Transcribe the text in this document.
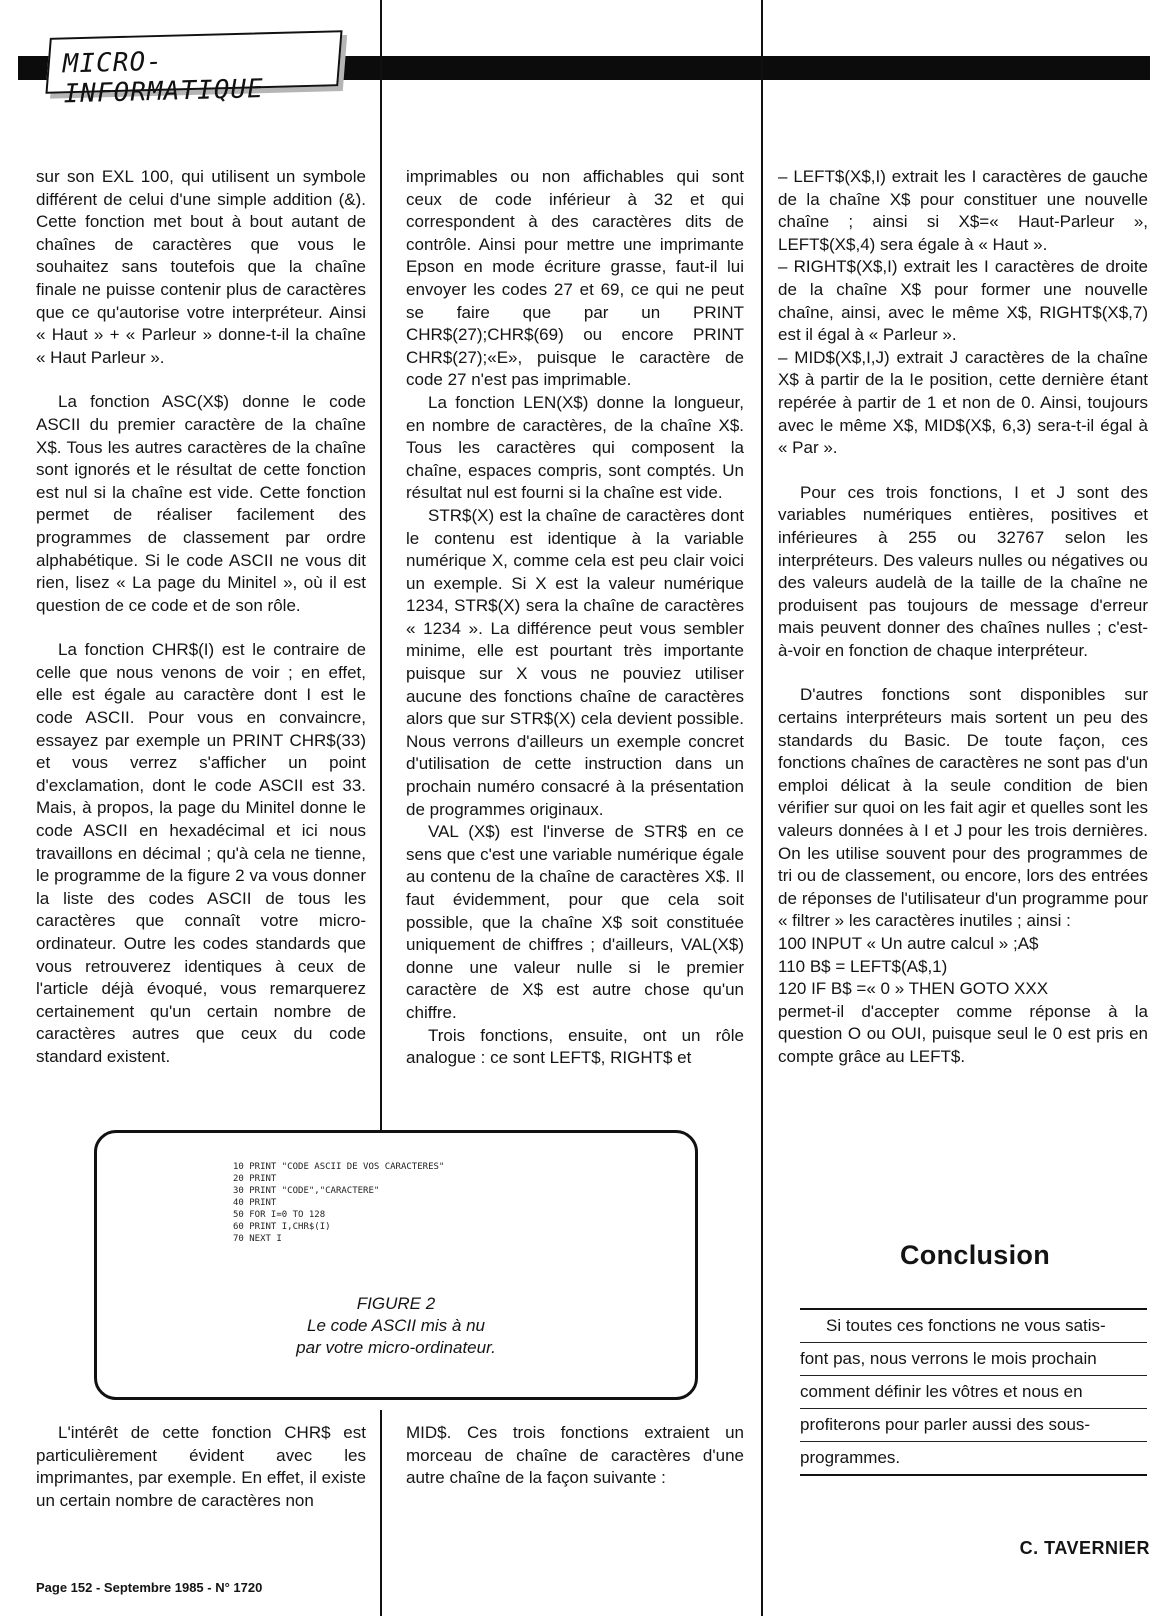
MICRO-INFORMATIQUE

sur son EXL 100, qui utilisent un symbole différent de celui d'une simple addition (&). Cette fonction met bout à bout autant de chaînes de caractères que vous le souhaitez sans toutefois que la chaîne finale ne puisse contenir plus de caractères que ce qu'autorise votre interpréteur. Ainsi « Haut » + « Parleur » donne-t-il la chaîne « Haut Parleur ».

La fonction ASC(X$) donne le code ASCII du premier caractère de la chaîne X$. Tous les autres caractères de la chaîne sont ignorés et le résultat de cette fonction est nul si la chaîne est vide. Cette fonction permet de réaliser facilement des programmes de classement par ordre alphabétique. Si le code ASCII ne vous dit rien, lisez « La page du Minitel », où il est question de ce code et de son rôle.

La fonction CHR$(I) est le contraire de celle que nous venons de voir ; en effet, elle est égale au caractère dont I est le code ASCII. Pour vous en convaincre, essayez par exemple un PRINT CHR$(33) et vous verrez s'afficher un point d'exclamation, dont le code ASCII est 33. Mais, à propos, la page du Minitel donne le code ASCII en hexadécimal et ici nous travaillons en décimal ; qu'à cela ne tienne, le programme de la figure 2 va vous donner la liste des codes ASCII de tous les caractères que connaît votre micro-ordinateur. Outre les codes standards que vous retrouverez identiques à ceux de l'article déjà évoqué, vous remarquerez certainement qu'un certain nombre de caractères autres que ceux du code standard existent.

L'intérêt de cette fonction CHR$ est particulièrement évident avec les imprimantes, par exemple. En effet, il existe un certain nombre de caractères non

imprimables ou non affichables qui sont ceux de code inférieur à 32 et qui correspondent à des caractères dits de contrôle. Ainsi pour mettre une imprimante Epson en mode écriture grasse, faut-il lui envoyer les codes 27 et 69, ce qui ne peut se faire que par un PRINT CHR$(27);CHR$(69) ou encore PRINT CHR$(27);«E», puisque le caractère de code 27 n'est pas imprimable.

La fonction LEN(X$) donne la longueur, en nombre de caractères, de la chaîne X$. Tous les caractères qui composent la chaîne, espaces compris, sont comptés. Un résultat nul est fourni si la chaîne est vide.

STR$(X) est la chaîne de caractères dont le contenu est identique à la variable numérique X, comme cela est peu clair voici un exemple. Si X est la valeur numérique 1234, STR$(X) sera la chaîne de caractères « 1234 ». La différence peut vous sembler minime, elle est pourtant très importante puisque sur X vous ne pouviez utiliser aucune des fonctions chaîne de caractères alors que sur STR$(X) cela devient possible. Nous verrons d'ailleurs un exemple concret d'utilisation de cette instruction dans un prochain numéro consacré à la présentation de programmes originaux.

VAL (X$) est l'inverse de STR$ en ce sens que c'est une variable numérique égale au contenu de la chaîne de caractères X$. Il faut évidemment, pour que cela soit possible, que la chaîne X$ soit constituée uniquement de chiffres ; d'ailleurs, VAL(X$) donne une valeur nulle si le premier caractère de X$ est autre chose qu'un chiffre.

Trois fonctions, ensuite, ont un rôle analogue : ce sont LEFT$, RIGHT$ et

MID$. Ces trois fonctions extraient un morceau de chaîne de caractères d'une autre chaîne de la façon suivante :

– LEFT$(X$,I) extrait les I caractères de gauche de la chaîne X$ pour constituer une nouvelle chaîne ; ainsi si X$=« Haut-Parleur », LEFT$(X$,4) sera égale à « Haut ».

– RIGHT$(X$,I) extrait les I caractères de droite de la chaîne X$ pour former une nouvelle chaîne, ainsi, avec le même X$, RIGHT$(X$,7) est il égal à « Parleur ».

– MID$(X$,I,J) extrait J caractères de la chaîne X$ à partir de la Ie position, cette dernière étant repérée à partir de 1 et non de 0. Ainsi, toujours avec le même X$, MID$(X$, 6,3) sera-t-il égal à « Par ».

Pour ces trois fonctions, I et J sont des variables numériques entières, positives et inférieures à 255 ou 32767 selon les interpréteurs. Des valeurs nulles ou négatives ou des valeurs audelà de la taille de la chaîne ne produisent pas toujours de message d'erreur mais peuvent donner des chaînes nulles ; c'est-à-voir en fonction de chaque interpréteur.

D'autres fonctions sont disponibles sur certains interpréteurs mais sortent un peu des standards du Basic. De toute façon, ces fonctions chaînes de caractères ne sont pas d'un emploi délicat à la seule condition de bien vérifier sur quoi on les fait agir et quelles sont les valeurs données à I et J pour les trois dernières. On les utilise souvent pour des programmes de tri ou de classement, ou encore, lors des entrées de réponses de l'utilisateur d'un programme pour « filtrer » les caractères inutiles ; ainsi :

100 INPUT « Un autre calcul » ;A$

110 B$ = LEFT$(A$,1)

120 IF B$ =« 0 » THEN GOTO XXX

permet-il d'accepter comme réponse à la question O ou OUI, puisque seul le 0 est pris en compte grâce au LEFT$.

10 PRINT "CODE ASCII DE VOS CARACTERES"
20 PRINT
30 PRINT "CODE","CARACTERE"
40 PRINT
50 FOR I=0 TO 128
60 PRINT I,CHR$(I)
70 NEXT I
FIGURE 2
Le code ASCII mis à nu
par votre micro-ordinateur.
Conclusion
Si toutes ces fonctions ne vous satis-
font pas, nous verrons le mois prochain
comment définir les vôtres et nous en
profiterons pour parler aussi des sous-
programmes.
C. TAVERNIER
Page 152 - Septembre 1985 - N° 1720
